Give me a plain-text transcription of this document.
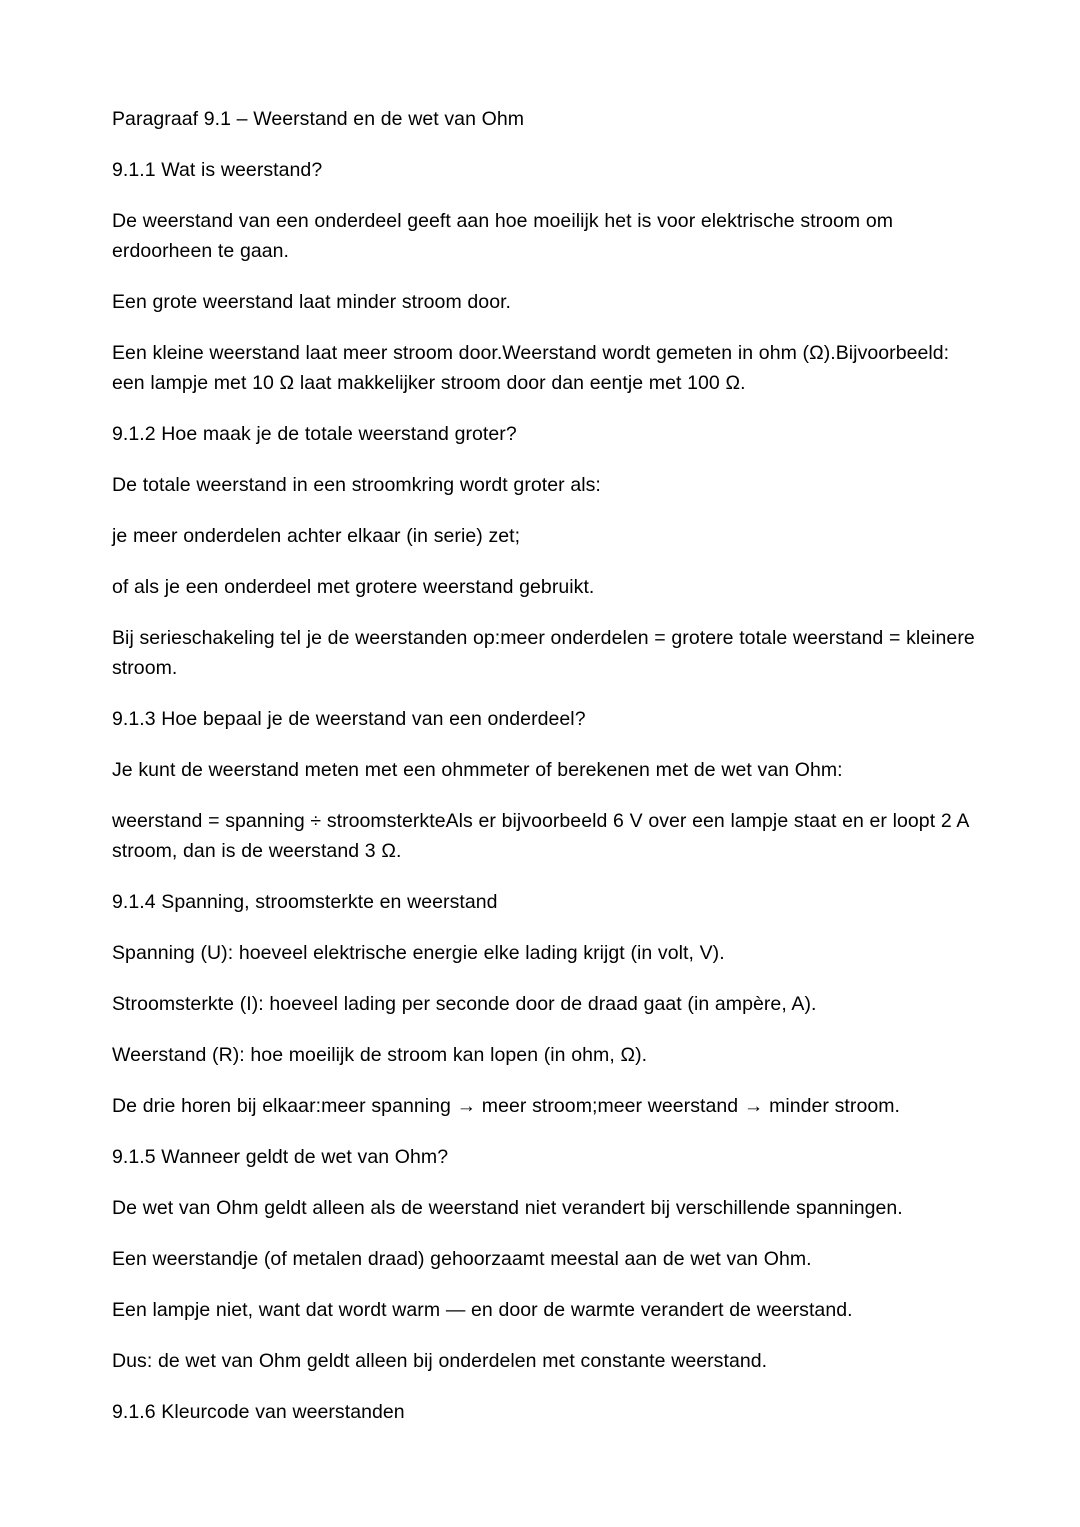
Paragraaf 9.1 – Weerstand en de wet van Ohm

9.1.1 Wat is weerstand?

De weerstand van een onderdeel geeft aan hoe moeilijk het is voor elektrische stroom om erdoorheen te gaan.

Een grote weerstand laat minder stroom door.

Een kleine weerstand laat meer stroom door.Weerstand wordt gemeten in ohm (Ω).Bijvoorbeeld: een lampje met 10 Ω laat makkelijker stroom door dan eentje met 100 Ω.

9.1.2 Hoe maak je de totale weerstand groter?

De totale weerstand in een stroomkring wordt groter als:

je meer onderdelen achter elkaar (in serie) zet;

of als je een onderdeel met grotere weerstand gebruikt.

Bij serieschakeling tel je de weerstanden op:meer onderdelen = grotere totale weerstand = kleinere stroom.

9.1.3 Hoe bepaal je de weerstand van een onderdeel?

Je kunt de weerstand meten met een ohmmeter of berekenen met de wet van Ohm:

weerstand = spanning ÷ stroomsterkteAls er bijvoorbeeld 6 V over een lampje staat en er loopt 2 A stroom, dan is de weerstand 3 Ω.

9.1.4 Spanning, stroomsterkte en weerstand

Spanning (U): hoeveel elektrische energie elke lading krijgt (in volt, V).

Stroomsterkte (I): hoeveel lading per seconde door de draad gaat (in ampère, A).

Weerstand (R): hoe moeilijk de stroom kan lopen (in ohm, Ω).

De drie horen bij elkaar:meer spanning → meer stroom;meer weerstand → minder stroom.

9.1.5 Wanneer geldt de wet van Ohm?

De wet van Ohm geldt alleen als de weerstand niet verandert bij verschillende spanningen.

Een weerstandje (of metalen draad) gehoorzaamt meestal aan de wet van Ohm.

Een lampje niet, want dat wordt warm — en door de warmte verandert de weerstand.

Dus: de wet van Ohm geldt alleen bij onderdelen met constante weerstand.

9.1.6 Kleurcode van weerstanden
